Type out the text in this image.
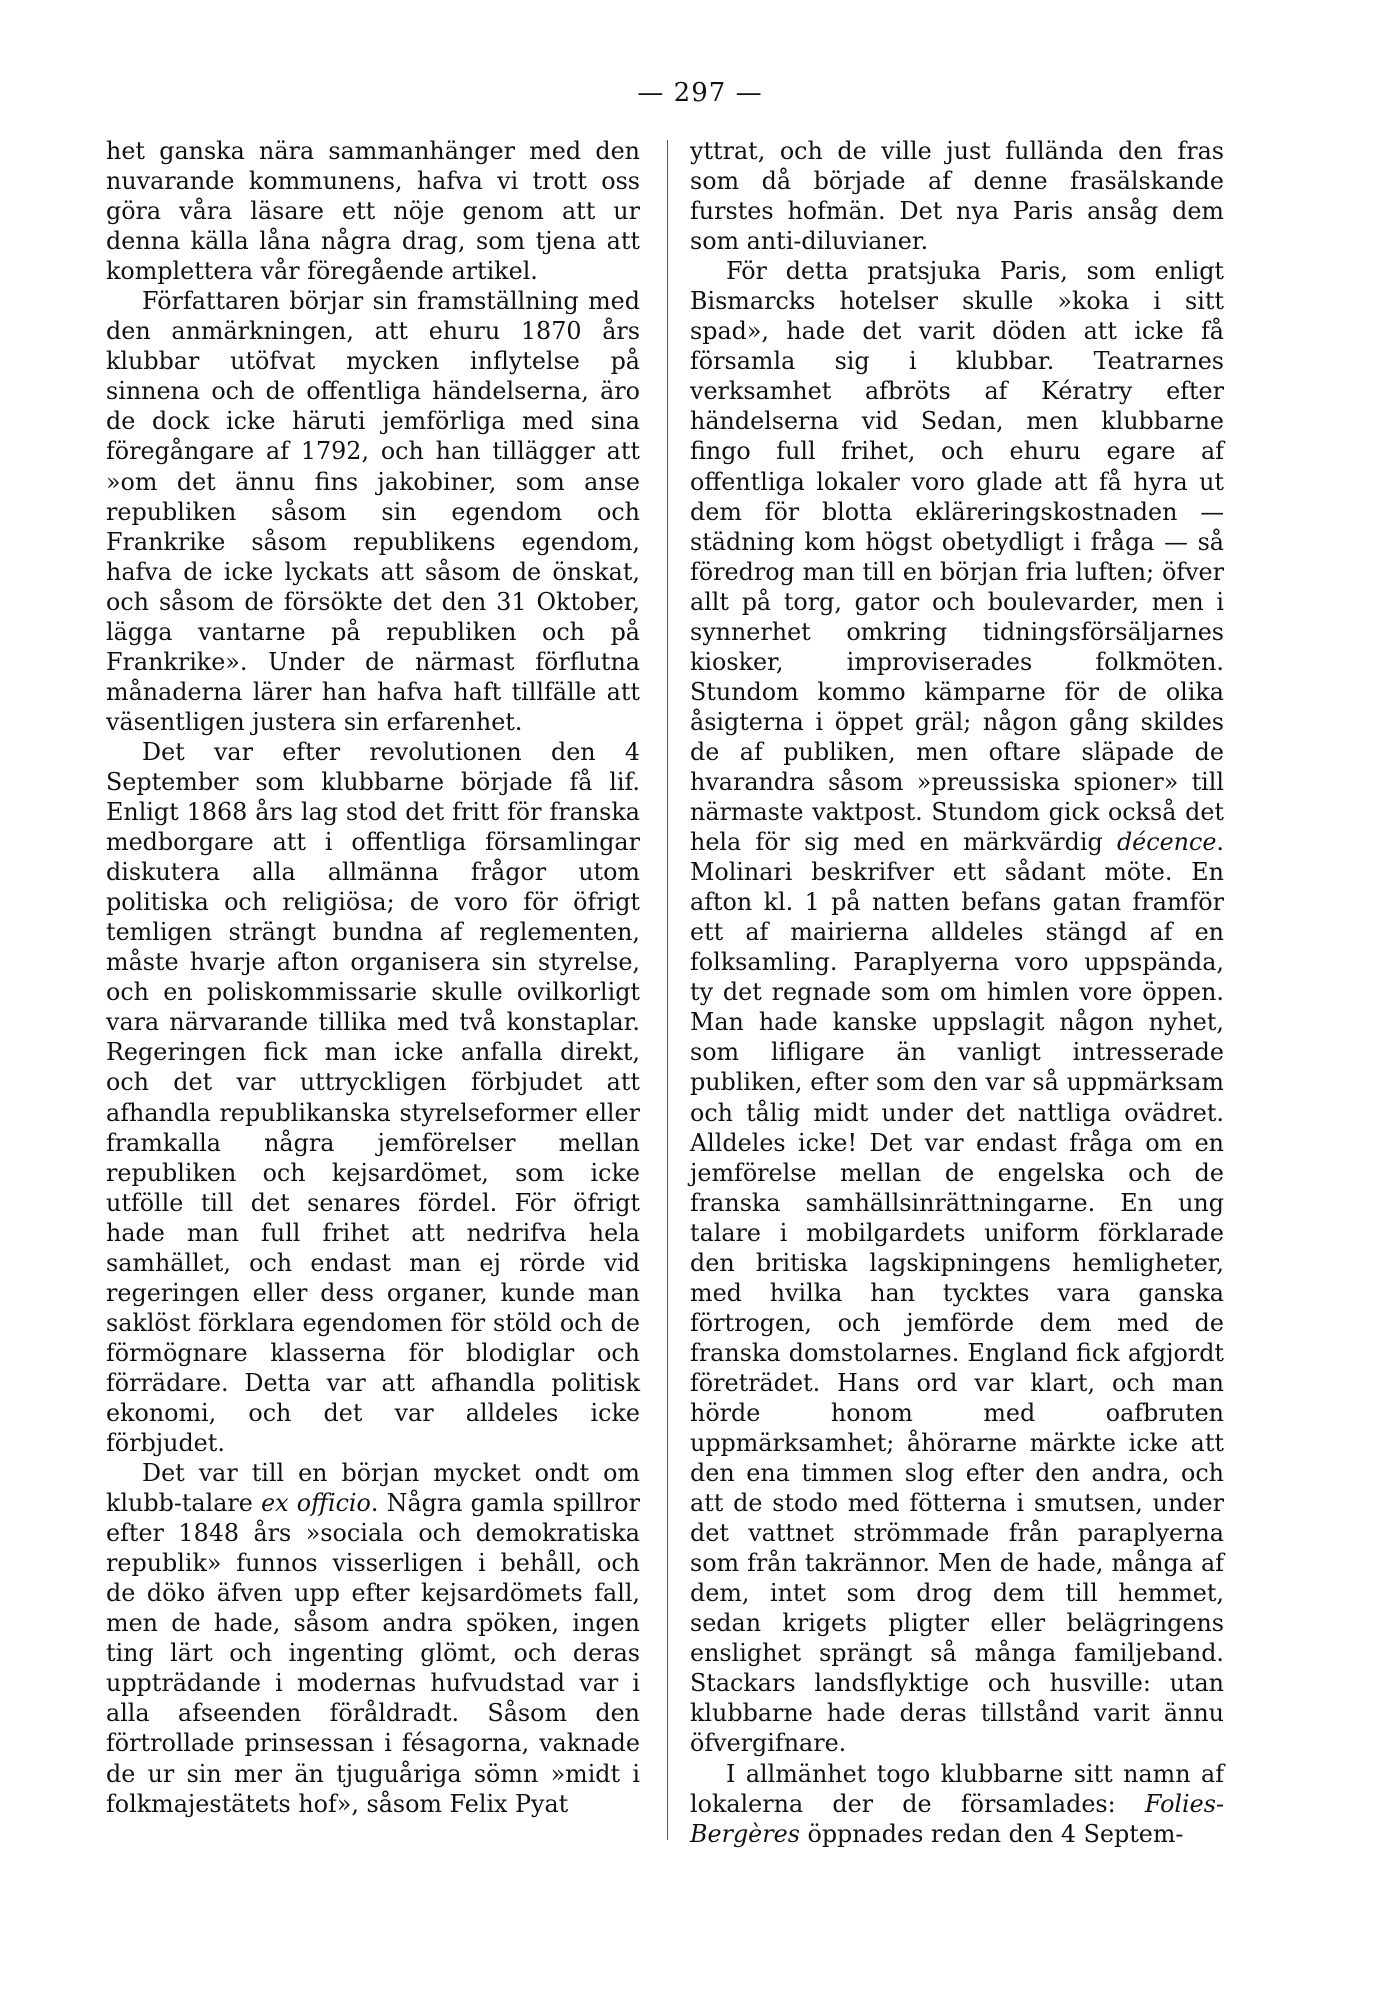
— 297 —

het ganska nära sammanhänger med den nuvarande kommunens, hafva vi trott oss göra våra läsare ett nöje genom att ur denna källa låna några drag, som tjena att komplettera vår föregående artikel.

Författaren börjar sin framställning med den anmärkningen, att ehuru 1870 års klubbar utöfvat mycken inflytelse på sinnena och de offentliga händelserna, äro de dock icke häruti jemförliga med sina föregångare af 1792, och han tillägger att »om det ännu fins jakobiner, som anse republiken såsom sin egendom och Frankrike såsom republikens egendom, hafva de icke lyckats att såsom de önskat, och såsom de försökte det den 31 Oktober, lägga vantarne på republiken och på Frankrike». Under de närmast förflutna månaderna lärer han hafva haft tillfälle att väsentligen justera sin erfarenhet.

Det var efter revolutionen den 4 September som klubbarne började få lif. Enligt 1868 års lag stod det fritt för franska medborgare att i offentliga församlingar diskutera alla allmänna frågor utom politiska och religiösa; de voro för öfrigt temligen strängt bundna af reglementen, måste hvarje afton organisera sin styrelse, och en poliskommissarie skulle ovilkorligt vara närvarande tillika med två konstaplar. Regeringen fick man icke anfalla direkt, och det var uttryckligen förbjudet att afhandla republikanska styrelseformer eller framkalla några jemförelser mellan republiken och kejsardömet, som icke utfölle till det senares fördel. För öfrigt hade man full frihet att nedrifva hela samhället, och endast man ej rörde vid regeringen eller dess organer, kunde man saklöst förklara egendomen för stöld och de förmögnare klasserna för blodiglar och förrädare. Detta var att afhandla politisk ekonomi, och det var alldeles icke förbjudet.

Det var till en början mycket ondt om klubb-talare ex officio. Några gamla spillror efter 1848 års »sociala och demokratiska republik» funnos visserligen i behåll, och de döko äfven upp efter kejsardömets fall, men de hade, såsom andra spöken, ingen ting lärt och ingenting glömt, och deras uppträdande i modernas hufvudstad var i alla afseenden föråldradt. Såsom den förtrollade prinsessan i fésagorna, vaknade de ur sin mer än tjuguåriga sömn »midt i folkmajestätets hof», såsom Felix Pyat

yttrat, och de ville just fullända den fras som då började af denne frasälskande furstes hofmän. Det nya Paris ansåg dem som anti-diluvianer.

För detta pratsjuka Paris, som enligt Bismarcks hotelser skulle »koka i sitt spad», hade det varit döden att icke få församla sig i klubbar. Teatrarnes verksamhet afbröts af Kératry efter händelserna vid Sedan, men klubbarne fingo full frihet, och ehuru egare af offentliga lokaler voro glade att få hyra ut dem för blotta ekläreringskostnaden — städning kom högst obetydligt i fråga — så föredrog man till en början fria luften; öfver allt på torg, gator och boulevarder, men i synnerhet omkring tidningsförsäljarnes kiosker, improviserades folkmöten. Stundom kommo kämparne för de olika åsigterna i öppet gräl; någon gång skildes de af publiken, men oftare släpade de hvarandra såsom »preussiska spioner» till närmaste vaktpost. Stundom gick också det hela för sig med en märkvärdig décence. Molinari beskrifver ett sådant möte. En afton kl. 1 på natten befans gatan framför ett af mairierna alldeles stängd af en folksamling. Paraplyerna voro uppspända, ty det regnade som om himlen vore öppen. Man hade kanske uppslagit någon nyhet, som lifligare än vanligt intresserade publiken, efter som den var så uppmärksam och tålig midt under det nattliga ovädret. Alldeles icke! Det var endast fråga om en jemförelse mellan de engelska och de franska samhällsinrättningarne. En ung talare i mobilgardets uniform förklarade den britiska lagskipningens hemligheter, med hvilka han tycktes vara ganska förtrogen, och jemförde dem med de franska domstolarnes. England fick afgjordt företrädet. Hans ord var klart, och man hörde honom med oafbruten uppmärksamhet; åhörarne märkte icke att den ena timmen slog efter den andra, och att de stodo med fötterna i smutsen, under det vattnet strömmade från paraplyerna som från takrännor. Men de hade, många af dem, intet som drog dem till hemmet, sedan krigets pligter eller belägringens enslighet sprängt så många familjeband. Stackars landsflyktige och husville: utan klubbarne hade deras tillstånd varit ännu öfvergifnare.

I allmänhet togo klubbarne sitt namn af lokalerna der de församlades: Folies-Bergères öppnades redan den 4 Septem-
